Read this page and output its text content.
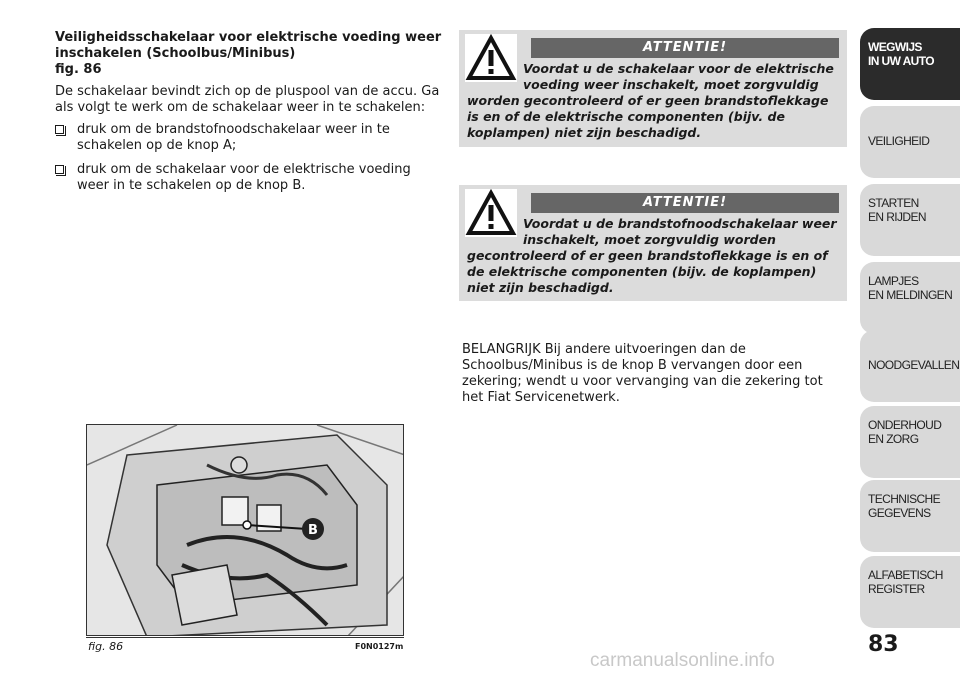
Veiligheidsschakelaar voor elektrische voeding weer inschakelen (Schoolbus/Minibus)
fig. 86

De schakelaar bevindt zich op de pluspool van de accu. Ga als volgt te werk om de schakelaar weer in te schakelen:

druk om de brandstofnoodschakelaar weer in te schakelen op de knop A;
druk om de schakelaar voor de elektrische voeding weer in te schakelen op de knop B.
B
fig. 86	F0N0127m
ATTENTIE!

Voordat u de schakelaar voor de elektrische voeding weer inschakelt, moet zorgvuldig
worden gecontroleerd of er geen brandstoflekkage is en of de elektrische componenten (bijv. de koplampen) niet zijn beschadigd.

ATTENTIE!

Voordat u de brandstofnoodschakelaar weer inschakelt, moet zorgvuldig worden
gecontroleerd of er geen brandstoflekkage is en of de elektrische componenten (bijv. de koplampen) niet zijn beschadigd.

BELANGRIJK Bij andere uitvoeringen dan de Schoolbus/Minibus is de knop B vervangen door een zekering; wendt u voor vervanging van die zekering tot het Fiat Servicenetwerk.

WEGWIJS
IN UW AUTO
VEILIGHEID
STARTEN
EN RIJDEN
LAMPJES
EN MELDINGEN
NOODGEVALLEN
ONDERHOUD
EN ZORG
TECHNISCHE
GEGEVENS
ALFABETISCH
REGISTER
83
carmanualsonline.info
